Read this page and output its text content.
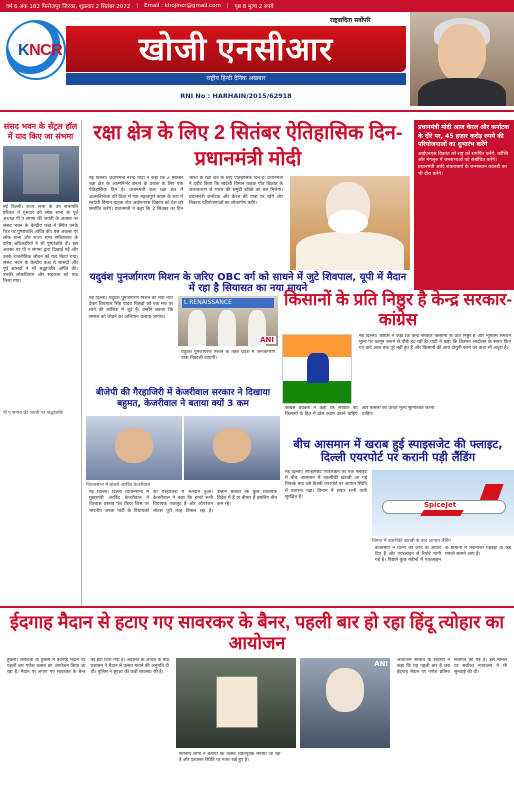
वर्ष 6 अंक 182 फिरोजपुर जिरका, शुक्रवार 2 सितंबर 2022 | Email : khojincr@gmail.com | पृष्ठ 8 मूल्य 2 रुपये
KNCR
राष्ट्रवादिता सर्वोपरि
खोजी एनसीआर
राष्ट्रीय हिन्दी दैनिक अखबार
RNI No : HARHAIN/2015/62918
संसद भवन के सेंट्रल हॉल में याद किए जा संभमा
नई दिल्ली। राज्य सभा के उप सभापति हरिवंश ने गुरुवार को लोक सभा के पूर्व अध्यक्ष पी ए संगमा की जयंती के अवसर पर संसद भवन के केन्द्रीय कक्ष में स्थित उनके चित्र पर पुष्पांजलि अर्पित की। इस अवसर पर लोक सभा और राज्य सभा सचिवालय के वरिष्ठ अधिकारियों ने भी पुष्पांजलि दी। इस अवसर पर पी ए संगमा द्वारा दिखाई गई और उनके राजनीतिक जीवन को याद किया गया। संसद भवन के केन्द्रीय कक्ष में सांसदों और पूर्व सांसदों ने भी श्रद्धांजलि अर्पित की। उनकी लोकप्रियता और सहजता को याद किया गया।
रक्षा क्षेत्र के लिए 2 सितंबर ऐतिहासिक दिन-प्रधानमंत्री मोदी
नई दिल्ली। प्रधानमंत्री नरेन्द्र मोदी ने कहा कि 2 सितंबर रक्षा क्षेत्र के आत्मनिर्भर बनाने के प्रयास के लिए एक ऐतिहासिक दिन है। प्रधानमंत्री कल रक्षा क्षेत्र में आत्मनिर्भरता की दिशा में एक महत्वपूर्ण कदम के रूप में स्वदेशी विमान वाहक पोत आईएनएस विक्रांत को देश को समर्पित करेंगे। प्रधानमंत्री ने कहा कि 2 सितंबर का दिन भारत के रक्षा क्षेत्र के लिए ऐतिहासिक दिन है। प्रधानमंत्री ने ट्वीट किया कि स्वदेशी विमान वाहक पोत विक्रांत के जलावतरण से भारत की समुद्री शक्ति को बल मिलेगा। प्रधानमंत्री कर्नाटक और केरल की यात्रा पर रहेंगे और विकास परियोजनाओं का लोकार्पण करेंगे।
प्रधानमंत्री मोदी आज केरल और कर्नाटक के दौरे पर, 45 हजार करोड़ रुपये की परियोजनाओं का शुभारंभ करेंगे
आईएनएस विक्रांत को राष्ट्र को समर्पित करेंगे, कोच्चि और मंगलुरु में जनसभाओं को संबोधित करेंगे। प्रधानमंत्री आदि शंकराचार्य के जन्मस्थान कालडी का भी दौरा करेंगे।
यदुवंश पुनर्जागरण मिशन के जरिए OBC वर्ग को साधने में जुटे शिवपाल, यूपी में मैदान में रहा है सियासत का नया मायने
नई दिल्ली। यदुवंश पुनर्जागरण मिशन का नया नारा देकर शिवपाल सिंह यादव पिछड़ों को एक मंच पर लाने की कोशिश में जुटे हैं। उन्होंने बताया कि समाज को जोड़ने का अभियान चलाया जाएगा।
L RENAISSANCE
ANI
यदुवंश पुनर्जागरण मिशन के तहत प्रदेश में जनजागरण यात्रा निकाली जाएगी।
किसानों के प्रति निष्ठुर है केन्द्र सरकार-कांग्रेस
नई दिल्ली। कांग्रेस ने कहा कि केन्द्र सरकार किसानों के प्रति निष्ठुर है और न्यूनतम समर्थन मूल्य पर कानून बनाने से पीछे हट रही है। पार्टी ने कहा कि किसान आंदोलन के समय किए गए वादे आज तक पूरे नहीं हुए हैं और किसानों की आय दोगुनी करने का वादा भी अधूरा है।
कांग्रेस प्रवक्ता ने कहा कि सरकार को किसानों के हित में ठोस कदम उठाने चाहिए और फसलों का उचित मूल्य सुनिश्चित करना चाहिए।
पी ए संगमा की जयंती पर श्रद्धांजलि
बीजेपी की गैरहाजिरी में केजरीवाल सरकार ने दिखाया बहुमत, केजरीवाल ने बताया क्यों 3 कम
विधानसभा में बोलते अरविंद केजरीवाल
नई दिल्ली। दिल्ली विधानसभा में मुख्यमंत्री अरविंद केजरीवाल ने विश्वास प्रस्ताव पेश किया जिस पर भारतीय जनता पार्टी के विधायकों की गैरहाजिरी में मतदान हुआ। केजरीवाल ने कहा कि हमारे सभी विधायक एकजुट हैं और ऑपरेशन लोटस पूरी तरह विफल रहा है। उन्होंने बताया कि कुछ विधायक विदेश में हैं या बीमार हैं इसलिए तीन कम रहे।
बीच आसमान में खराब हुई स्पाइसजेट की फ्लाइट, दिल्ली एयरपोर्ट पर करानी पड़ी लैंडिंग
नई दिल्ली। स्पाइसजेट एयरलाइन की एक फ्लाइट में बीच आसमान में तकनीकी खराबी आ गई जिसके बाद उसे दिल्ली एयरपोर्ट पर आपात स्थिति में उतारना पड़ा। विमान में सवार सभी यात्री सुरक्षित हैं।
SpiceJet
विमान में तकनीकी खराबी के बाद आपात लैंडिंग
डीजीसीए ने घटना की जांच के आदेश दिए हैं और एयरलाइन से रिपोर्ट मांगी गई है। पिछले कुछ महीनों में एयरलाइन के विमानों में तकनीकी गड़बड़ी के कई मामले सामने आए हैं।
ईदगाह मैदान से हटाए गए सावरकर के बैनर, पहली बार हो रहा हिंदू त्योहार का आयोजन
हुबली। कर्नाटक के हुबली में ईदगाह मैदान पर पहली बार गणेश उत्सव का आयोजन किया जा रहा है। मैदान पर लगाए गए सावरकर के बैनर को हटा दिया गया है। अदालत के आदेश के बाद प्रशासन ने मैदान में उत्सव मनाने की अनुमति दी थी। पुलिस ने सुरक्षा की कड़ी व्यवस्था की है।
ANI
स्थानीय लोगों ने बताया कि उत्सव शांतिपूर्वक मनाया जा रहा है और प्रशासन स्थिति पर नजर रखे हुए है।
आयोजन समिति के सदस्यों ने कहा कि यह पहली बार है जब ईदगाह मैदान पर गणेश प्रतिमा स्थापित की गई है। इस मामले पर सर्वोच्च न्यायालय ने भी सुनवाई की थी।
